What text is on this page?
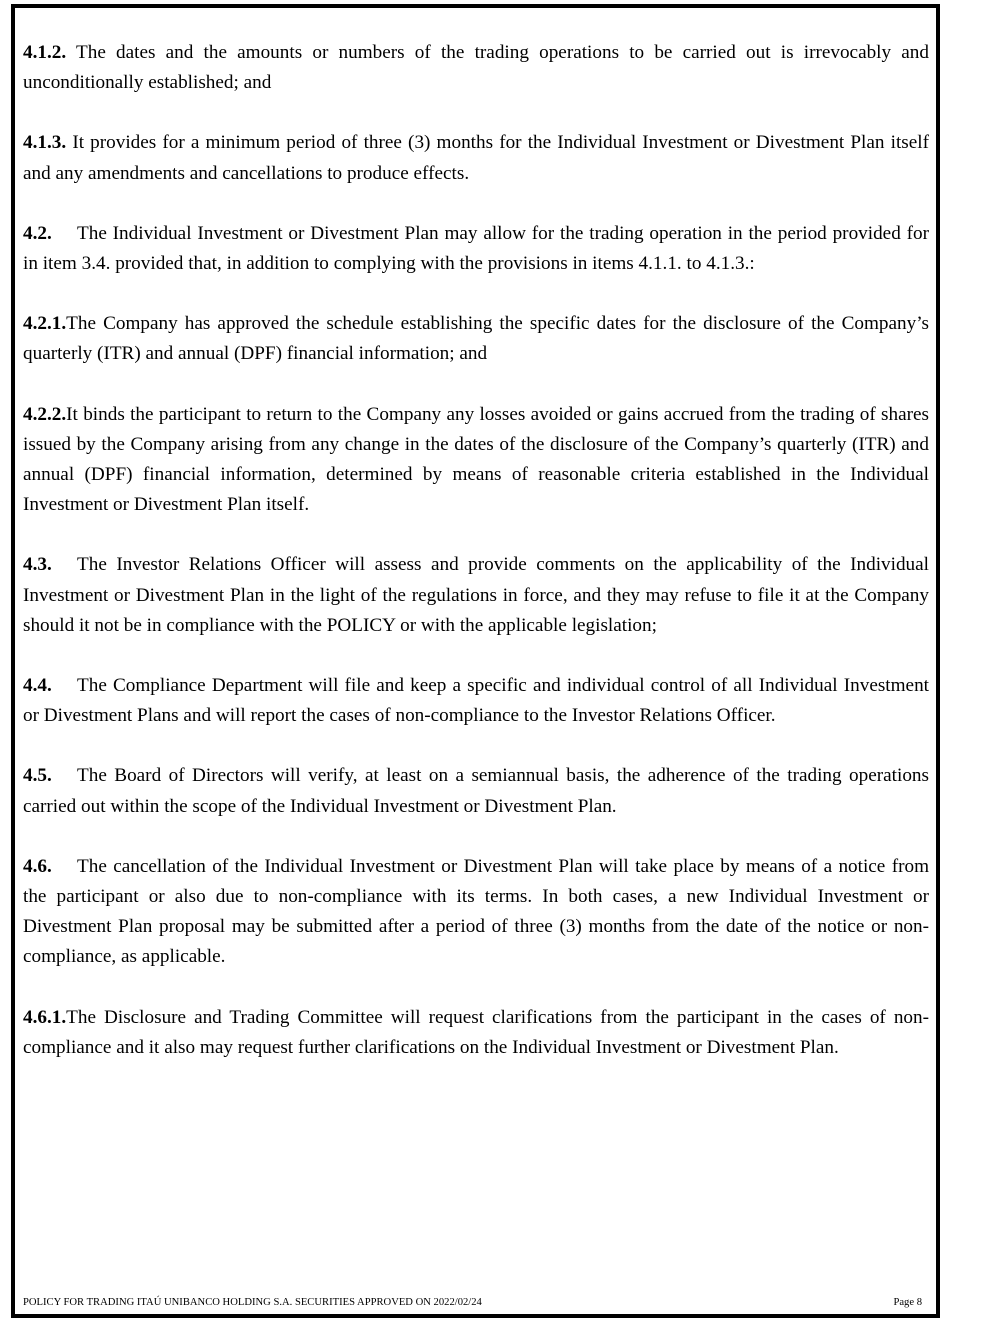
4.1.2. The dates and the amounts or numbers of the trading operations to be carried out is irrevocably and unconditionally established; and

4.1.3. It provides for a minimum period of three (3) months for the Individual Investment or Divestment Plan itself and any amendments and cancellations to produce effects.

4.2. The Individual Investment or Divestment Plan may allow for the trading operation in the period provided for in item 3.4. provided that, in addition to complying with the provisions in items 4.1.1. to 4.1.3.:

4.2.1.The Company has approved the schedule establishing the specific dates for the disclosure of the Company’s quarterly (ITR) and annual (DPF) financial information; and

4.2.2.It binds the participant to return to the Company any losses avoided or gains accrued from the trading of shares issued by the Company arising from any change in the dates of the disclosure of the Company’s quarterly (ITR) and annual (DPF) financial information, determined by means of reasonable criteria established in the Individual Investment or Divestment Plan itself.

4.3. The Investor Relations Officer will assess and provide comments on the applicability of the Individual Investment or Divestment Plan in the light of the regulations in force, and they may refuse to file it at the Company should it not be in compliance with the POLICY or with the applicable legislation;

4.4. The Compliance Department will file and keep a specific and individual control of all Individual Investment or Divestment Plans and will report the cases of non-compliance to the Investor Relations Officer.

4.5. The Board of Directors will verify, at least on a semiannual basis, the adherence of the trading operations carried out within the scope of the Individual Investment or Divestment Plan.

4.6. The cancellation of the Individual Investment or Divestment Plan will take place by means of a notice from the participant or also due to non-compliance with its terms. In both cases, a new Individual Investment or Divestment Plan proposal may be submitted after a period of three (3) months from the date of the notice or non-compliance, as applicable.

4.6.1.The Disclosure and Trading Committee will request clarifications from the participant in the cases of non-compliance and it also may request further clarifications on the Individual Investment or Divestment Plan.

POLICY FOR TRADING ITAÚ UNIBANCO HOLDING S.A. SECURITIES APPROVED ON 2022/02/24	Page 8
